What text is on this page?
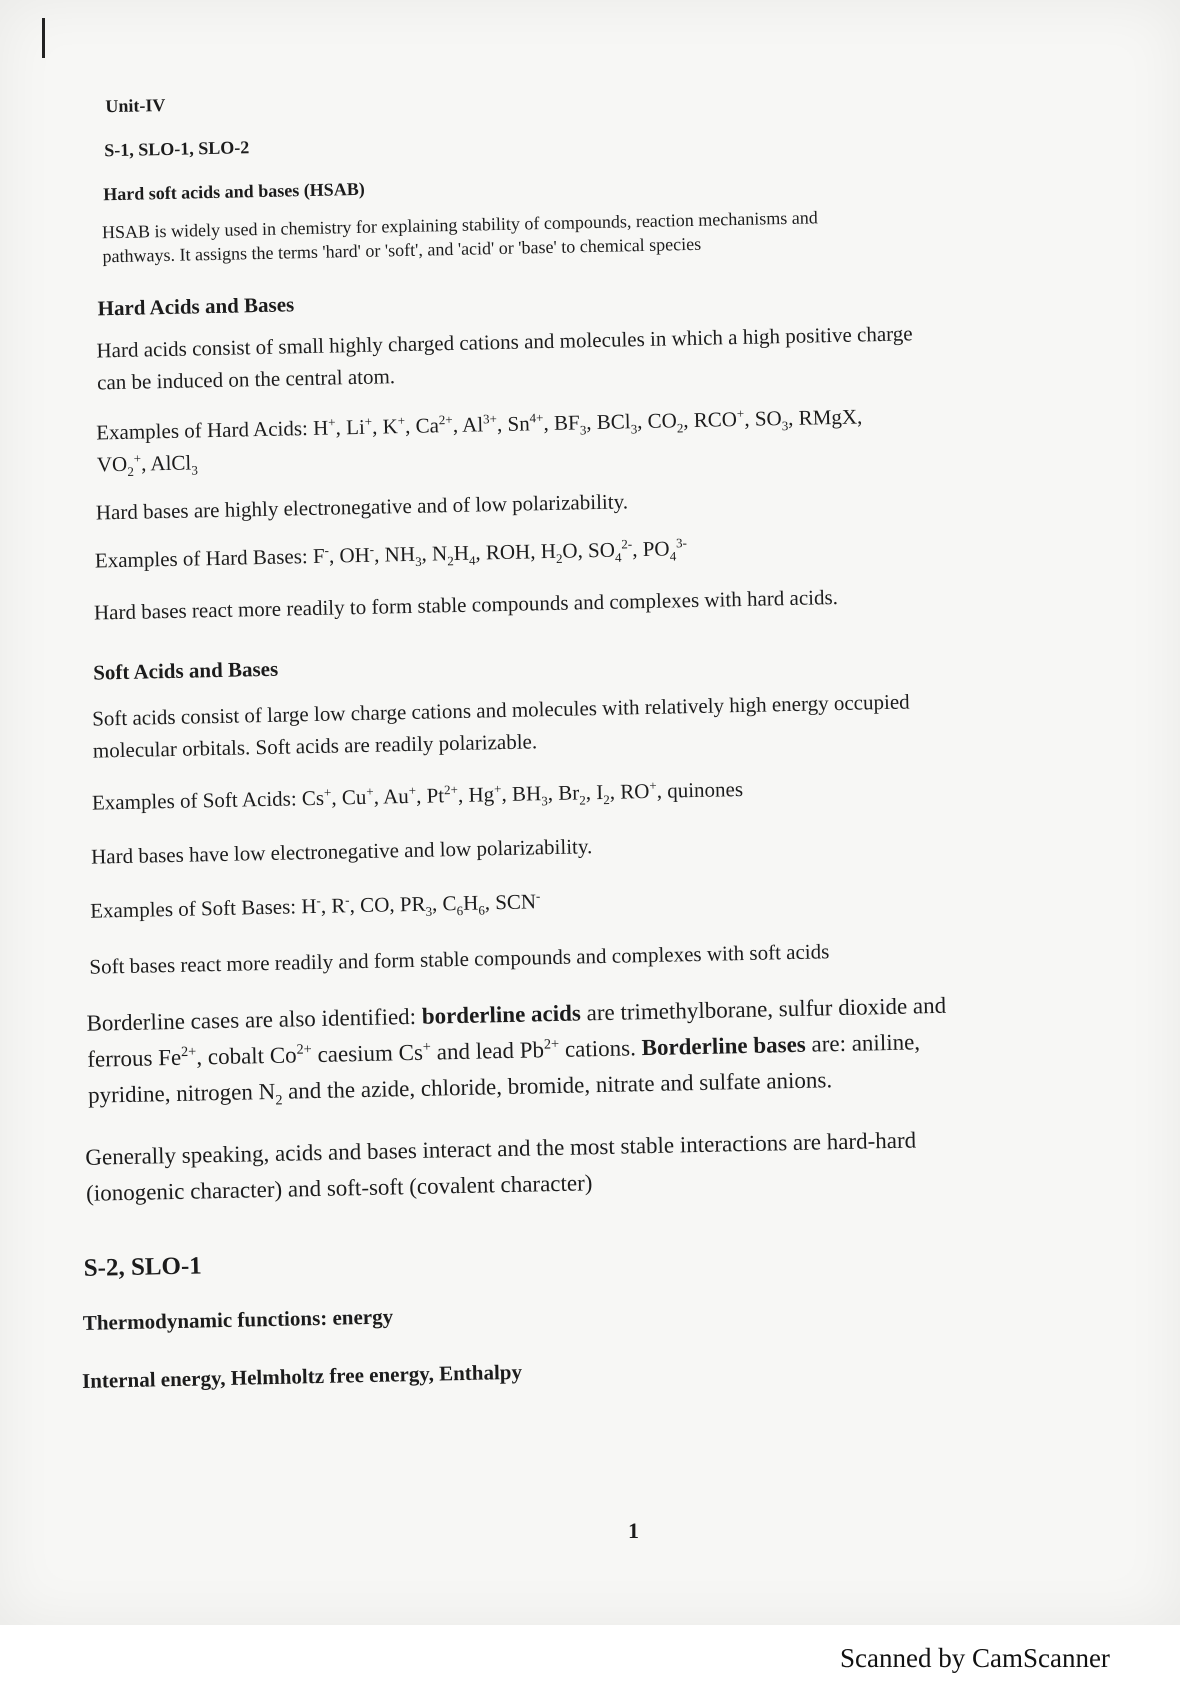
Unit-IV
S-1, SLO-1, SLO-2
Hard soft acids and bases (HSAB)
HSAB is widely used in chemistry for explaining stability of compounds, reaction mechanisms and
pathways. It assigns the terms 'hard' or 'soft', and 'acid' or 'base' to chemical species
Hard Acids and Bases
Hard acids consist of small highly charged cations and molecules in which a high positive charge
can be induced on the central atom.
Examples of Hard Acids: H+, Li+, K+, $Ca^{2+}$, $Al^{3+}$, $Sn^{4+}$, $BF_3$, BCl$_3$, $CO_2$, RCO+, $SO_3$, RMgX,
$VO_2^+$, AlCl$_3$
Hard bases are highly electronegative and of low polarizability.
Examples of Hard Bases: F-, OH-, $NH_3$, $N_2H_4$, ROH, $H_2O$, $SO_4^{2-}$, $PO_4^{3-}$
Hard bases react more readily to form stable compounds and complexes with hard acids.
Soft Acids and Bases
Soft acids consist of large low charge cations and molecules with relatively high energy occupied
molecular orbitals. Soft acids are readily polarizable.
Examples of Soft Acids: Cs+, Cu+, Au+, $Pt^{2+}$, Hg+, $BH_3$, $Br_2$, $I_2$, RO+, quinones
Hard bases have low electronegative and low polarizability.
Examples of Soft Bases: H-, R-, CO, $PR_3$, $C_6H_6$, SCN-
Soft bases react more readily and form stable compounds and complexes with soft acids
Borderline cases are also identified: borderline acids are trimethylborane, sulfur dioxide and
ferrous $Fe^{2+}$, cobalt $Co^{2+}$ caesium Cs+ and lead $Pb^{2+}$ cations. Borderline bases are: aniline,
pyridine, nitrogen $N_2$ and the azide, chloride, bromide, nitrate and sulfate anions.
Generally speaking, acids and bases interact and the most stable interactions are hard-hard
(ionogenic character) and soft-soft (covalent character)
S-2, SLO-1
Thermodynamic functions: energy
Internal energy, Helmholtz free energy, Enthalpy
1
Scanned by CamScanner
